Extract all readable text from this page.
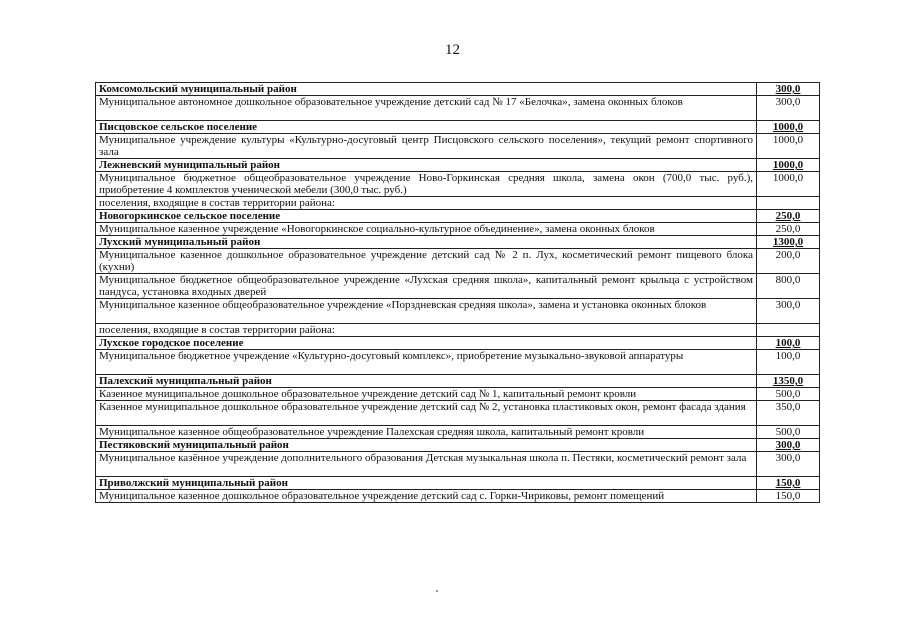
12
Комсомольский муниципальный район	300,0
Муниципальное автономное дошкольное образовательное учреждение детский сад № 17 «Белочка», замена оконных блоков	300,0
Писцовское сельское поселение	1000,0
Муниципальное учреждение культуры «Культурно-досуговый центр Писцовского сельского поселения», текущий ремонт спортивного зала	1000,0
Лежневский муниципальный район	1000,0
Муниципальное бюджетное общеобразовательное учреждение Ново-Горкинская средняя школа, замена окон (700,0 тыс. руб.), приобретение 4 комплектов ученической мебели (300,0 тыс. руб.)	1000,0
поселения, входящие в состав территории района:	
Новогоркинское сельское поселение	250,0
Муниципальное казенное учреждение «Новогоркинское социально-культурное объединение», замена оконных блоков	250,0
Лухский муниципальный район	1300,0
Муниципальное казенное дошкольное образовательное учреждение детский сад № 2 п. Лух, косметический ремонт пищевого блока (кухни)	200,0
Муниципальное бюджетное общеобразовательное учреждение «Лухская средняя школа», капитальный ремонт крыльца с устройством пандуса, установка входных дверей	800,0
Муниципальное казенное общеобразовательное учреждение «Порздневская средняя школа», замена и установка оконных блоков	300,0
поселения, входящие в состав территории района:	
Лухское городское поселение	100,0
Муниципальное бюджетное учреждение «Культурно-досуговый комплекс», приобретение музыкально-звуковой аппаратуры	100,0
Палехский муниципальный район	1350,0
Казенное муниципальное дошкольное образовательное учреждение детский сад № 1, капитальный ремонт кровли	500,0
Казенное муниципальное дошкольное образовательное учреждение детский сад № 2, установка пластиковых окон, ремонт фасада здания	350,0
Муниципальное казенное общеобразовательное учреждение Палехская средняя школа, капитальный ремонт кровли	500,0
Пестяковский муниципальный район	300,0
Муниципальное казённое учреждение дополнительного образования Детская музыкальная школа п. Пестяки, косметический ремонт зала	300,0
Приволжский муниципальный район	150,0
Муниципальное казенное дошкольное образовательное учреждение детский сад с. Горки-Чириковы, ремонт помещений	150,0
